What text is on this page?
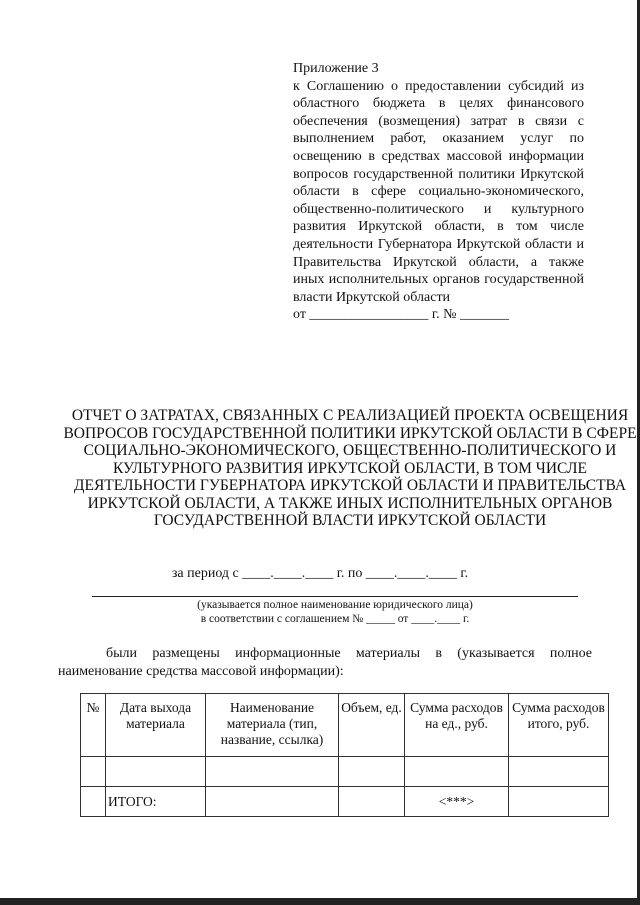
Приложение 3

к Соглашению о предоставлении субсидий из областного бюджета в целях финансового обеспечения (возмещения) затрат в связи с выполнением работ, оказанием услуг по освещению в средствах массовой информации вопросов государственной политики Иркутской области в сфере социально-экономического, общественно-политического и культурного развития Иркутской области, в том числе деятельности Губернатора Иркутской области и Правительства Иркутской области, а также иных исполнительных органов государственной власти Иркутской области

от _________________ г. № _______

ОТЧЕТ О ЗАТРАТАХ, СВЯЗАННЫХ С РЕАЛИЗАЦИЕЙ ПРОЕКТА ОСВЕЩЕНИЯ ВОПРОСОВ ГОСУДАРСТВЕННОЙ ПОЛИТИКИ ИРКУТСКОЙ ОБЛАСТИ В СФЕРЕ СОЦИАЛЬНО-ЭКОНОМИЧЕСКОГО, ОБЩЕСТВЕННО-ПОЛИТИЧЕСКОГО И КУЛЬТУРНОГО РАЗВИТИЯ ИРКУТСКОЙ ОБЛАСТИ, В ТОМ ЧИСЛЕ ДЕЯТЕЛЬНОСТИ ГУБЕРНАТОРА ИРКУТСКОЙ ОБЛАСТИ И ПРАВИТЕЛЬСТВА ИРКУТСКОЙ ОБЛАСТИ, А ТАКЖЕ ИНЫХ ИСПОЛНИТЕЛЬНЫХ ОРГАНОВ ГОСУДАРСТВЕННОЙ ВЛАСТИ ИРКУТСКОЙ ОБЛАСТИ

за период с ____.____.____ г. по ____.____.____ г.

(указывается полное наименование юридического лица)

в соответствии с соглашением № _____ от ____.____ г.

были размещены информационные материалы в (указывается полное наименование средства массовой информации):

№	Дата выхода материала	Наименование материала (тип, название, ссылка)	Объем, ед.	Сумма расходов на ед., руб.	Сумма расходов итого, руб.

	ИТОГО:			<***>	
